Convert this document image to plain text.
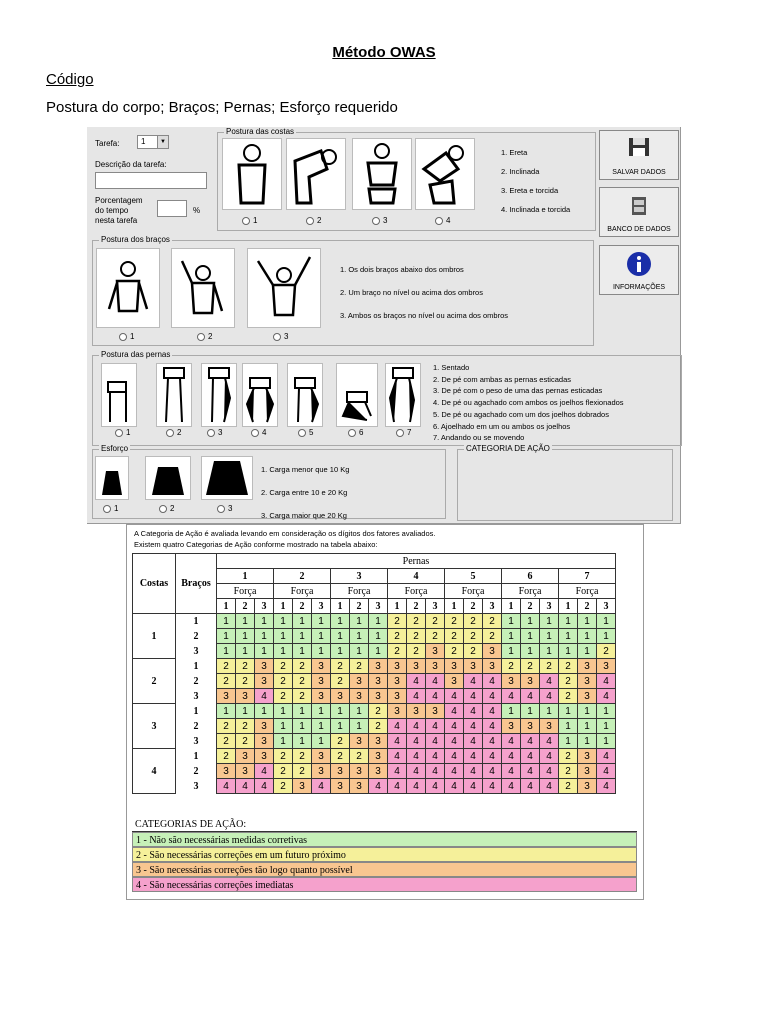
Método OWAS
Código
Postura do corpo; Braços; Pernas; Esforço requerido
Tarefa:	1	▼
Descrição da tarefa:
Porcentagem
do tempo
nesta tarefa
%
Postura das costas
1	2	3	4
1. Ereta
2. Inclinada
3. Ereta e torcida
4. Inclinada e torcida
SALVAR DADOS
BANCO DE DADOS
INFORMAÇÕES
Postura dos braços
1	2	3
1. Os dois braços abaixo dos ombros
2. Um braço no nível ou acima dos ombros
3. Ambos os braços no nível ou acima dos ombros
Postura das pernas
1	2	3	4	5	6	7
1. Sentado
2. De pé com ambas as pernas esticadas
3. De pé com o peso de uma das pernas esticadas
4. De pé ou agachado com ambos os joelhos flexionados
5. De pé ou agachado com um dos joelhos dobrados
6. Ajoelhado em um ou ambos os joelhos
7. Andando ou se movendo
Esforço
1	2	3
1. Carga menor que 10 Kg
2. Carga entre 10 e 20 Kg
3. Carga maior que 20 Kg
CATEGORIA DE AÇÃO
A Categoria de Ação é avaliada levando em consideração os dígitos dos fatores avaliados.
Existem quatro Categorias de Ação conforme mostrado na tabela abaixo:
Costas	Braços	Pernas																				
		1			2			3			4			5			6			7		
		Força			Força			Força			Força			Força			Força			Força		
		1	2	3	1	2	3	1	2	3	1	2	3	1	2	3	1	2	3	1	2	3
1	1	1	1	1	1	1	1	1	1	1	2	2	2	2	2	2	1	1	1	1	1	1
	2	1	1	1	1	1	1	1	1	1	2	2	2	2	2	2	1	1	1	1	1	1
	3	1	1	1	1	1	1	1	1	1	2	2	3	2	2	3	1	1	1	1	1	2
2	1	2	2	3	2	2	3	2	2	3	3	3	3	3	3	3	2	2	2	2	3	3
	2	2	2	3	2	2	3	2	3	3	3	4	4	3	4	4	3	3	4	2	3	4
	3	3	3	4	2	2	3	3	3	3	3	4	4	4	4	4	4	4	4	2	3	4
3	1	1	1	1	1	1	1	1	1	2	3	3	3	4	4	4	1	1	1	1	1	1
	2	2	2	3	1	1	1	1	1	2	4	4	4	4	4	4	3	3	3	1	1	1
	3	2	2	3	1	1	1	2	3	3	4	4	4	4	4	4	4	4	4	1	1	1
4	1	2	3	3	2	2	3	2	2	3	4	4	4	4	4	4	4	4	4	2	3	4
	2	3	3	4	2	2	3	3	3	3	4	4	4	4	4	4	4	4	4	2	3	4
	3	4	4	4	2	3	4	3	3	4	4	4	4	4	4	4	4	4	4	2	3	4
CATEGORIAS DE AÇÃO:
1 - Não são necessárias medidas corretivas
2 - São necessárias correções em um futuro próximo
3 - São necessárias correções tão logo quanto possível
4 - São necessárias correções imediatas
